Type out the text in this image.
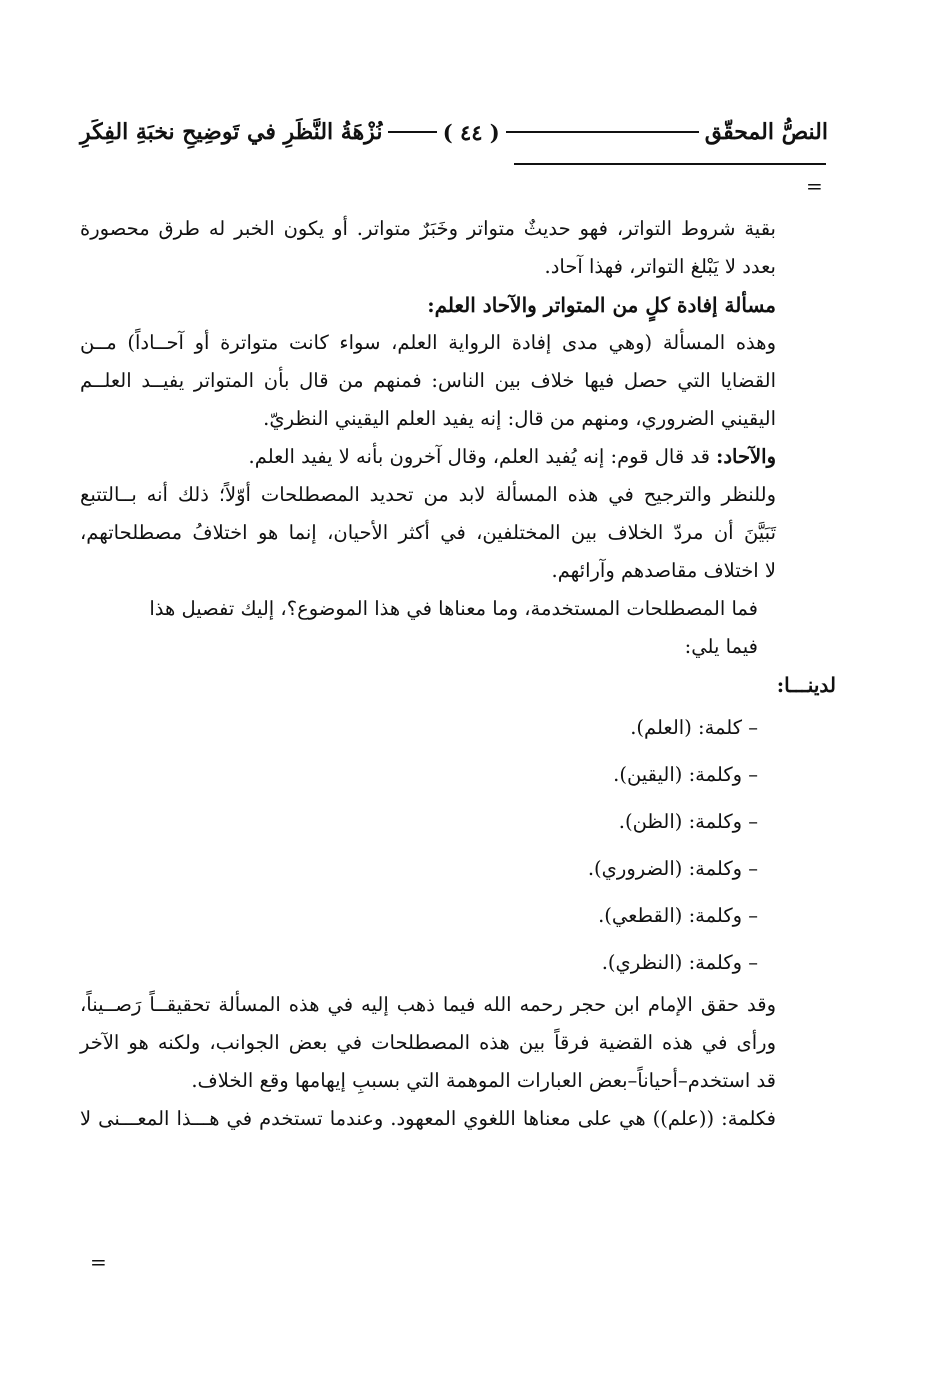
النصُّ المحقّق
( ٤٤ )
نُزْهَةُ النَّظَرِ في تَوضِيحِ نخبَةِ الفِكَرِ
=
بقية شروط التواتر، فهو حديثٌ متواتر وخَبَرٌ متواتر. أو يكون الخبر له طرق محصورة
بعدد لا يَبْلغ التواتر، فهذا آحاد.
مسألة إفادة كلٍ من المتواتر والآحاد العلم:
وهذه المسألة (وهي مدى إفادة الرواية العلم، سواء كانت متواترة أو آحــاداً) مــن
القضايا التي حصل فيها خلاف بين الناس: فمنهم من قال بأن المتواتر يفيــد العلــم
اليقيني الضروري، ومنهم من قال: إنه يفيد العلم اليقيني النظريّ.
والآحاد: قد قال قوم: إنه يُفيد العلم، وقال آخرون بأنه لا يفيد العلم.
وللنظر والترجيح في هذه المسألة لابد من تحديد المصطلحات أوّلاً؛ ذلك أنه بــالتتبع
تَبَيَّنَ أن مردّ الخلاف بين المختلفين، في أكثر الأحيان، إنما هو اختلافُ مصطلحاتهم،
لا اختلاف مقاصدهم وآرائهم.
فما المصطلحات المستخدمة، وما معناها في هذا الموضوع؟، إليك تفصيل هذا
فيما يلي:
لدينـــا:
– كلمة: (العلم).
– وكلمة: (اليقين).
– وكلمة: (الظن).
– وكلمة: (الضروري).
– وكلمة: (القطعي).
– وكلمة: (النظري).
وقد حقق الإمام ابن حجر رحمه الله فيما ذهب إليه في هذه المسألة تحقيقــاً رَصــيناً،
ورأى في هذه القضية فرقاً بين هذه المصطلحات في بعض الجوانب، ولكنه هو الآخر
قد استخدم–أحياناً–بعض العبارات الموهمة التي بسببِ إيهامها وقع الخلاف.
فكلمة: ((علم)) هي على معناها اللغوي المعهود. وعندما تستخدم في هـــذا المعـــنى لا
=
